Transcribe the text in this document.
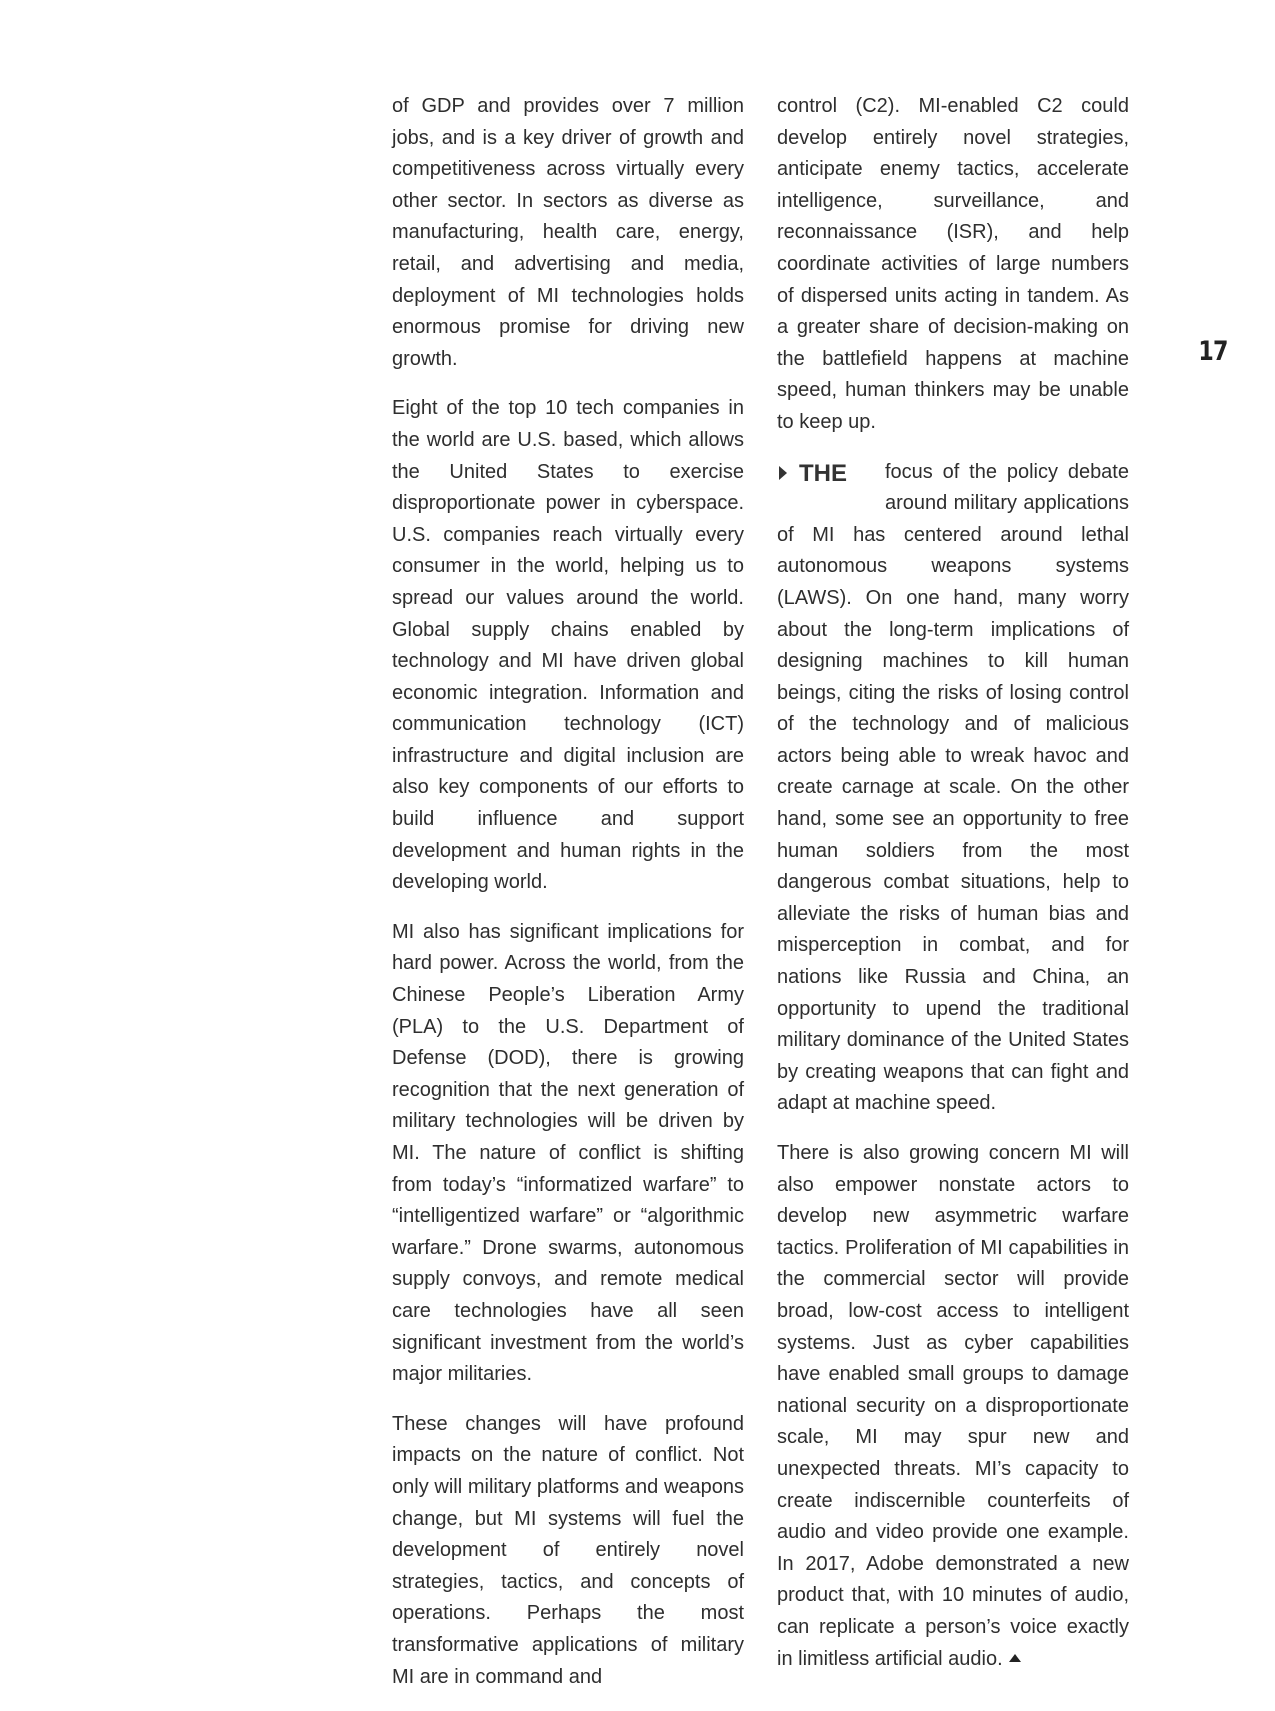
of GDP and provides over 7 million jobs, and is a key driver of growth and competitiveness across virtually every other sector. In sectors as diverse as manufacturing, health care, energy, retail, and advertising and media, deployment of MI technologies holds enormous promise for driving new growth.

Eight of the top 10 tech companies in the world are U.S. based, which allows the United States to exercise disproportionate power in cyberspace. U.S. companies reach virtually every consumer in the world, helping us to spread our values around the world. Global supply chains enabled by technology and MI have driven global economic integration. Information and communication technology (ICT) infrastructure and digital inclusion are also key components of our efforts to build influence and support development and human rights in the developing world.

MI also has significant implications for hard power. Across the world, from the Chinese People’s Liberation Army (PLA) to the U.S. Department of Defense (DOD), there is growing recognition that the next generation of military technologies will be driven by MI. The nature of conflict is shifting from today’s “informatized warfare” to “intelligentized warfare” or “algorithmic warfare.” Drone swarms, autonomous supply convoys, and remote medical care technologies have all seen significant investment from the world’s major militaries.

These changes will have profound impacts on the nature of conflict. Not only will military platforms and weapons change, but MI systems will fuel the development of entirely novel strategies, tactics, and concepts of operations. Perhaps the most transformative applications of military MI are in command and

control (C2). MI-enabled C2 could develop entirely novel strategies, anticipate enemy tactics, accelerate intelligence, surveillance, and reconnaissance (ISR), and help coordinate activities of large numbers of dispersed units acting in tandem. As a greater share of decision-making on the battlefield happens at machine speed, human thinkers may be unable to keep up.

THE	focus of the policy debate around military applications of MI has centered around lethal autonomous weapons systems (LAWS). On one hand, many worry about the long-term implications of designing machines to kill human beings, citing the risks of losing control of the technology and of malicious actors being able to wreak havoc and create carnage at scale. On the other hand, some see an opportunity to free human soldiers from the most dangerous combat situations, help to alleviate the risks of human bias and misperception in combat, and for nations like Russia and China, an opportunity to upend the traditional military dominance of the United States by creating weapons that can fight and adapt at machine speed.

There is also growing concern MI will also empower nonstate actors to develop new asymmetric warfare tactics. Proliferation of MI capabilities in the commercial sector will provide broad, low-cost access to intelligent systems. Just as cyber capabilities have enabled small groups to damage national security on a disproportionate scale, MI may spur new and unexpected threats. MI’s capacity to create indiscernible counterfeits of audio and video provide one example. In 2017, Adobe demonstrated a new product that, with 10 minutes of audio, can replicate a person’s voice exactly in limitless artificial audio.

17
